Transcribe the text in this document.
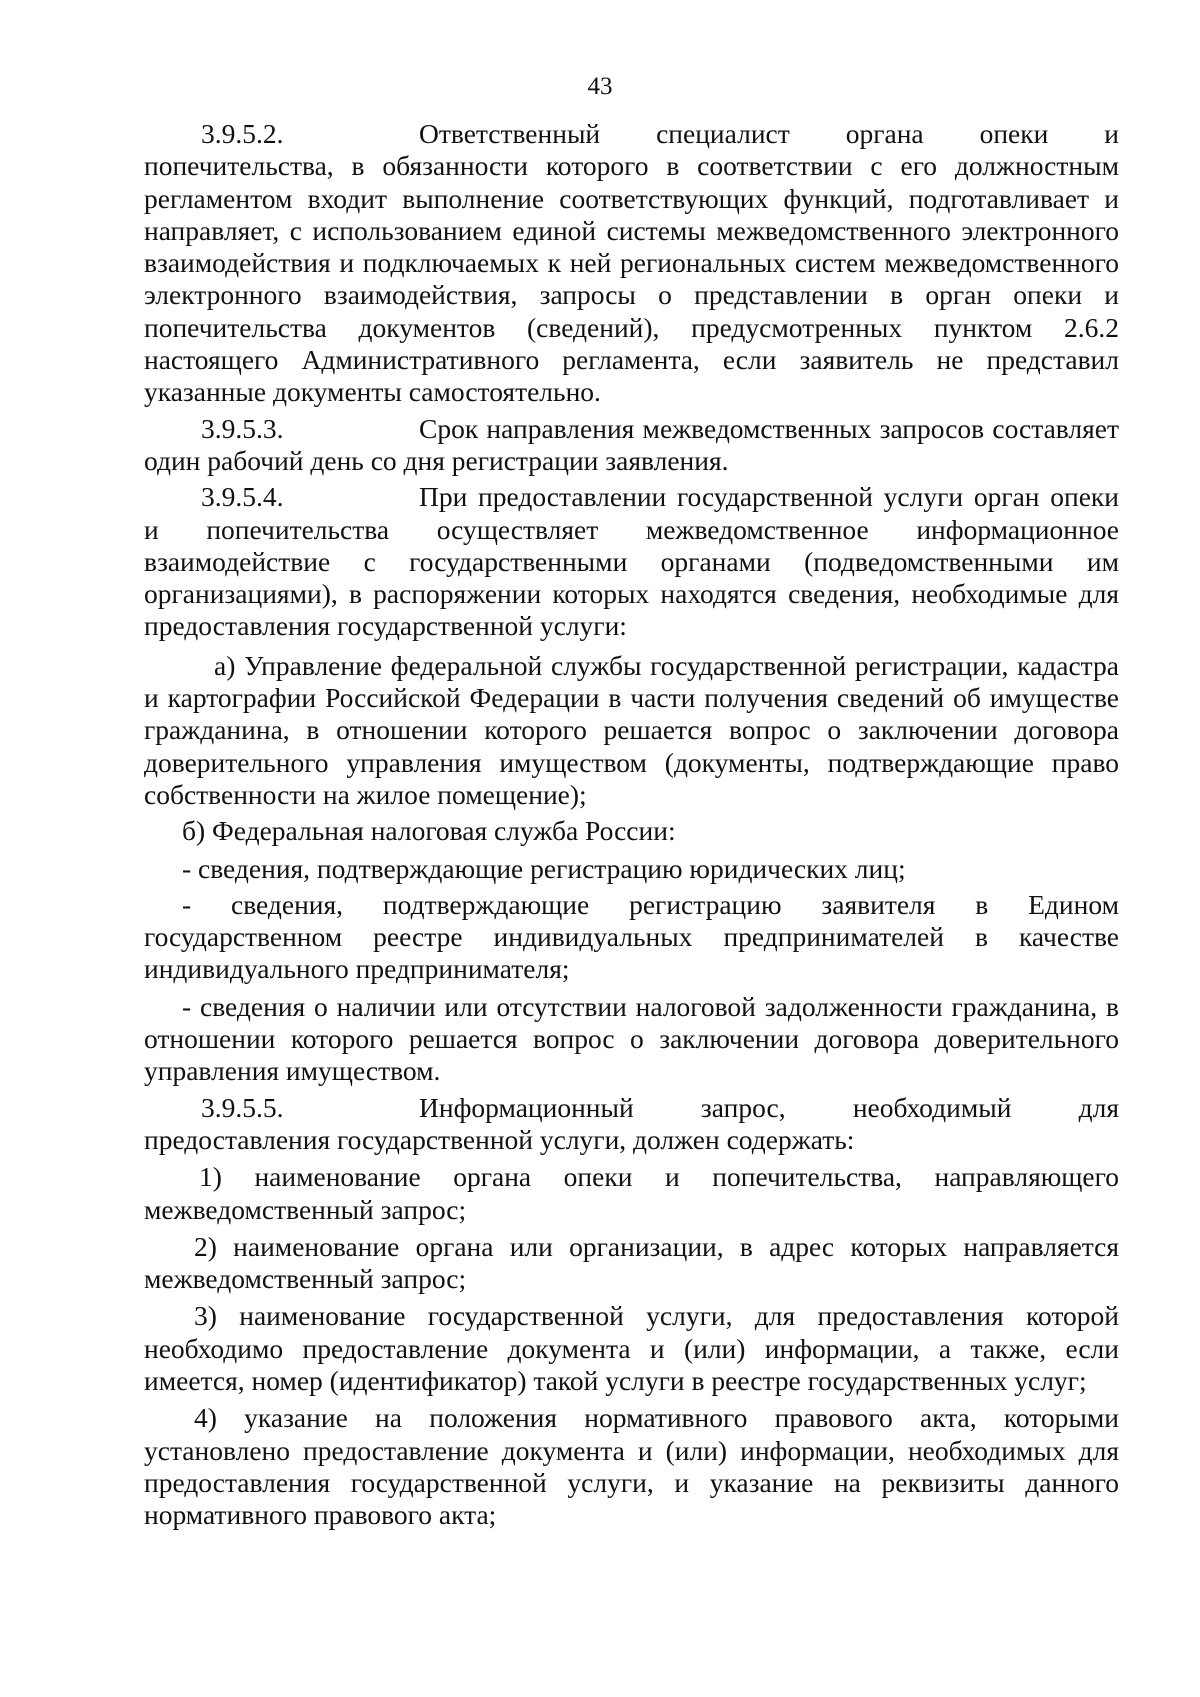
43

3.9.5.2.	Ответственный специалист органа опеки и попечительства, в обязанности которого в соответствии с его должностным регламентом входит выполнение соответствующих функций, подготавливает и направляет, с использованием единой системы межведомственного электронного взаимодействия и подключаемых к ней региональных систем межведомственного электронного взаимодействия, запросы о представлении в орган опеки и попечительства документов (сведений), предусмотренных пунктом 2.6.2 настоящего Административного регламента, если заявитель не представил указанные документы самостоятельно.

3.9.5.3.	Срок направления межведомственных запросов составляет один рабочий день со дня регистрации заявления.

3.9.5.4.	При предоставлении государственной услуги орган опеки и попечительства осуществляет межведомственное информационное взаимодействие с государственными органами (подведомственными им организациями), в распоряжении которых находятся сведения, необходимые для предоставления государственной услуги:

а) Управление федеральной службы государственной регистрации, кадастра и картографии Российской Федерации в части получения сведений об имуществе гражданина, в отношении которого решается вопрос о заключении договора доверительного управления имуществом (документы, подтверждающие право собственности на жилое помещение);

б) Федеральная налоговая служба России:

- сведения, подтверждающие регистрацию юридических лиц;

- сведения, подтверждающие регистрацию заявителя в Едином государственном реестре индивидуальных предпринимателей в качестве индивидуального предпринимателя;

- сведения о наличии или отсутствии налоговой задолженности гражданина, в отношении которого решается вопрос о заключении договора доверительного управления имуществом.

3.9.5.5.	Информационный запрос, необходимый для предоставления государственной услуги, должен содержать:

1) наименование органа опеки и попечительства, направляющего межведомственный запрос;

2) наименование органа или организации, в адрес которых направляется межведомственный запрос;

3) наименование государственной услуги, для предоставления которой необходимо предоставление документа и (или) информации, а также, если имеется, номер (идентификатор) такой услуги в реестре государственных услуг;

4) указание на положения нормативного правового акта, которыми установлено предоставление документа и (или) информации, необходимых для предоставления государственной услуги, и указание на реквизиты данного нормативного правового акта;
